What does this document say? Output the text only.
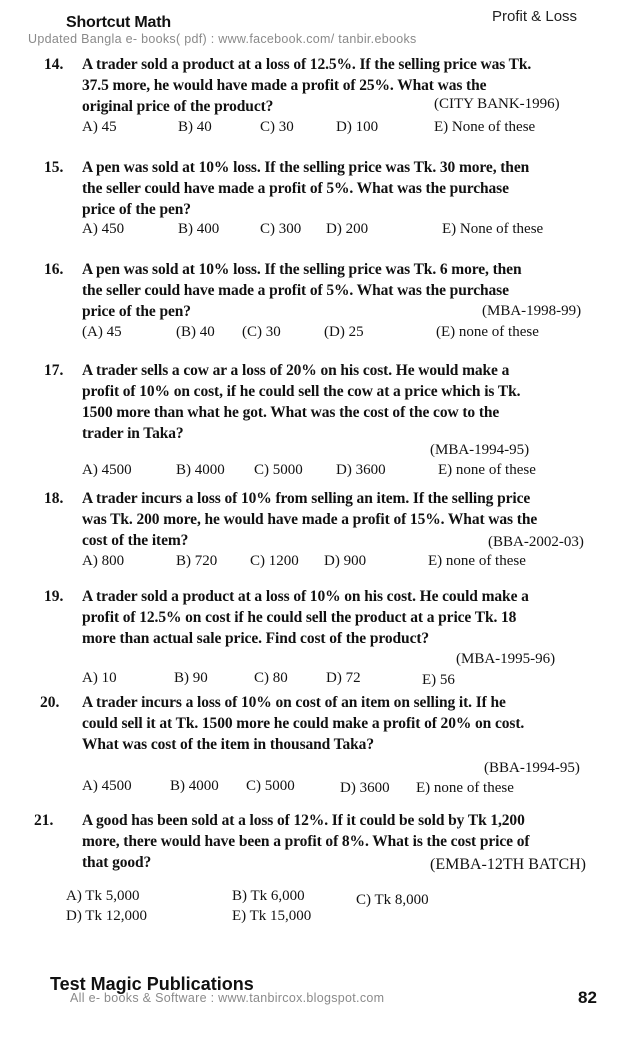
Shortcut Math	Profit & Loss
Updated Bangla e- books( pdf) : www.facebook.com/ tanbir.ebooks
14. A trader sold a product at a loss of 12.5%. If the selling price was Tk.
37.5 more, he would have made a profit of 25%. What was the
original price of the product?	(CITY BANK-1996)
A) 45	B) 40	C) 30	D) 100	E) None of these
15. A pen was sold at 10% loss. If the selling price was Tk. 30 more, then
the seller could have made a profit of 5%. What was the purchase
price of the pen?
A) 450	B) 400	C) 300 D) 200	E) None of these
16. A pen was sold at 10% loss. If the selling price was Tk. 6 more, then
the seller could have made a profit of 5%. What was the purchase
price of the pen?	(MBA-1998-99)
(A) 45	(B) 40 (C) 30	(D) 25	(E) none of these
17. A trader sells a cow ar a loss of 20% on his cost. He would make a
profit of 10% on cost, if he could sell the cow at a price which is Tk.
1500 more than what he got. What was the cost of the cow to the
trader in Taka?
(MBA-1994-95)
A) 4500	B) 4000 C) 5000 D) 3600	E) none of these
18. A trader incurs a loss of 10% from selling an item. If the selling price
was Tk. 200 more, he would have made a profit of 15%. What was the
cost of the item?	(BBA-2002-03)
A) 800	B) 720 C) 1200 D) 900	E) none of these
19. A trader sold a product at a loss of 10% on his cost. He could make a
profit of 12.5% on cost if he could sell the product at a price Tk. 18
more than actual sale price. Find cost of the product?
(MBA-1995-96)
A) 10	B) 90	C) 80	D) 72	E) 56
20. A trader incurs a loss of 10% on cost of an item on selling it. If he
could sell it at Tk. 1500 more he could make a profit of 20% on cost.
What was cost of the item in thousand Taka?
(BBA-1994-95)
A) 4500	B) 4000 C) 5000	D) 3600 E) none of these
21. A good has been sold at a loss of 12%. If it could be sold by Tk 1,200
more, there would have been a profit of 8%. What is the cost price of
that good?	(EMBA-12TH BATCH)
A) Tk 5,000	B) Tk 6,000	C) Tk 8,000
D) Tk 12,000	E) Tk 15,000
Test Magic Publications
82
All e- books & Software : www.tanbircox.blogspot.com
